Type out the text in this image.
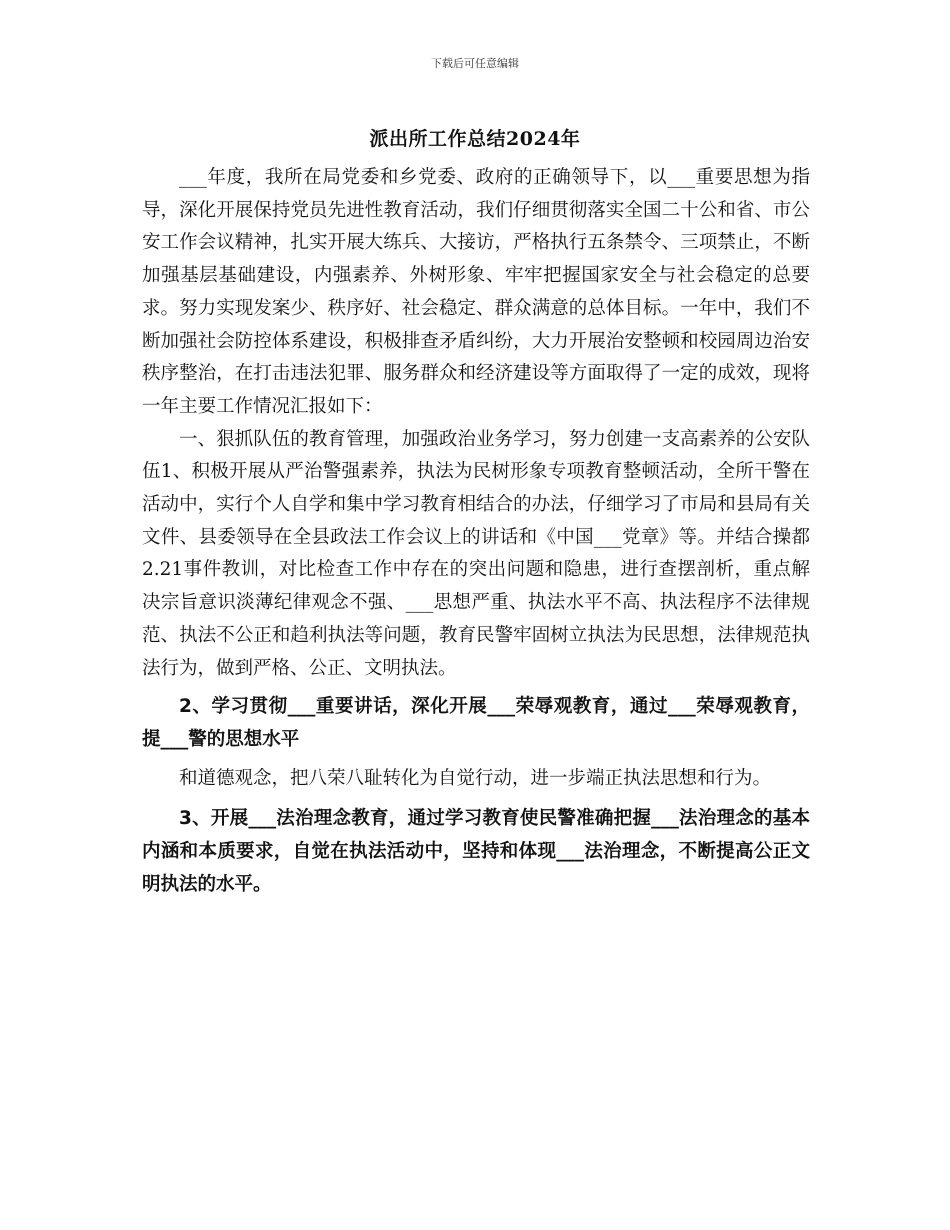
下载后可任意编辑
派出所工作总结2024年

___年度，我所在局党委和乡党委、政府的正确领导下，以___重要思想为指导，深化开展保持党员先进性教育活动，我们仔细贯彻落实全国二十公和省、市公安工作会议精神，扎实开展大练兵、大接访，严格执行五条禁令、三项禁止，不断加强基层基础建设，内强素养、外树形象、牢牢把握国家安全与社会稳定的总要求。努力实现发案少、秩序好、社会稳定、群众满意的总体目标。一年中，我们不断加强社会防控体系建设，积极排查矛盾纠纷，大力开展治安整顿和校园周边治安秩序整治，在打击违法犯罪、服务群众和经济建设等方面取得了一定的成效，现将一年主要工作情况汇报如下：

一、狠抓队伍的教育管理，加强政治业务学习，努力创建一支高素养的公安队伍1、积极开展从严治警强素养，执法为民树形象专项教育整顿活动，全所干警在活动中，实行个人自学和集中学习教育相结合的办法，仔细学习了市局和县局有关文件、县委领导在全县政法工作会议上的讲话和《中国___党章》等。并结合操都2.21事件教训，对比检查工作中存在的突出问题和隐患，进行查摆剖析，重点解决宗旨意识淡薄纪律观念不强、___思想严重、执法水平不高、执法程序不法律规范、执法不公正和趋利执法等问题，教育民警牢固树立执法为民思想，法律规范执法行为，做到严格、公正、文明执法。

2、学习贯彻___重要讲话，深化开展___荣辱观教育，通过___荣辱观教育，提___警的思想水平

和道德观念，把八荣八耻转化为自觉行动，进一步端正执法思想和行为。

3、开展___法治理念教育，通过学习教育使民警准确把握___法治理念的基本内涵和本质要求，自觉在执法活动中，坚持和体现___法治理念，不断提高公正文明执法的水平。
